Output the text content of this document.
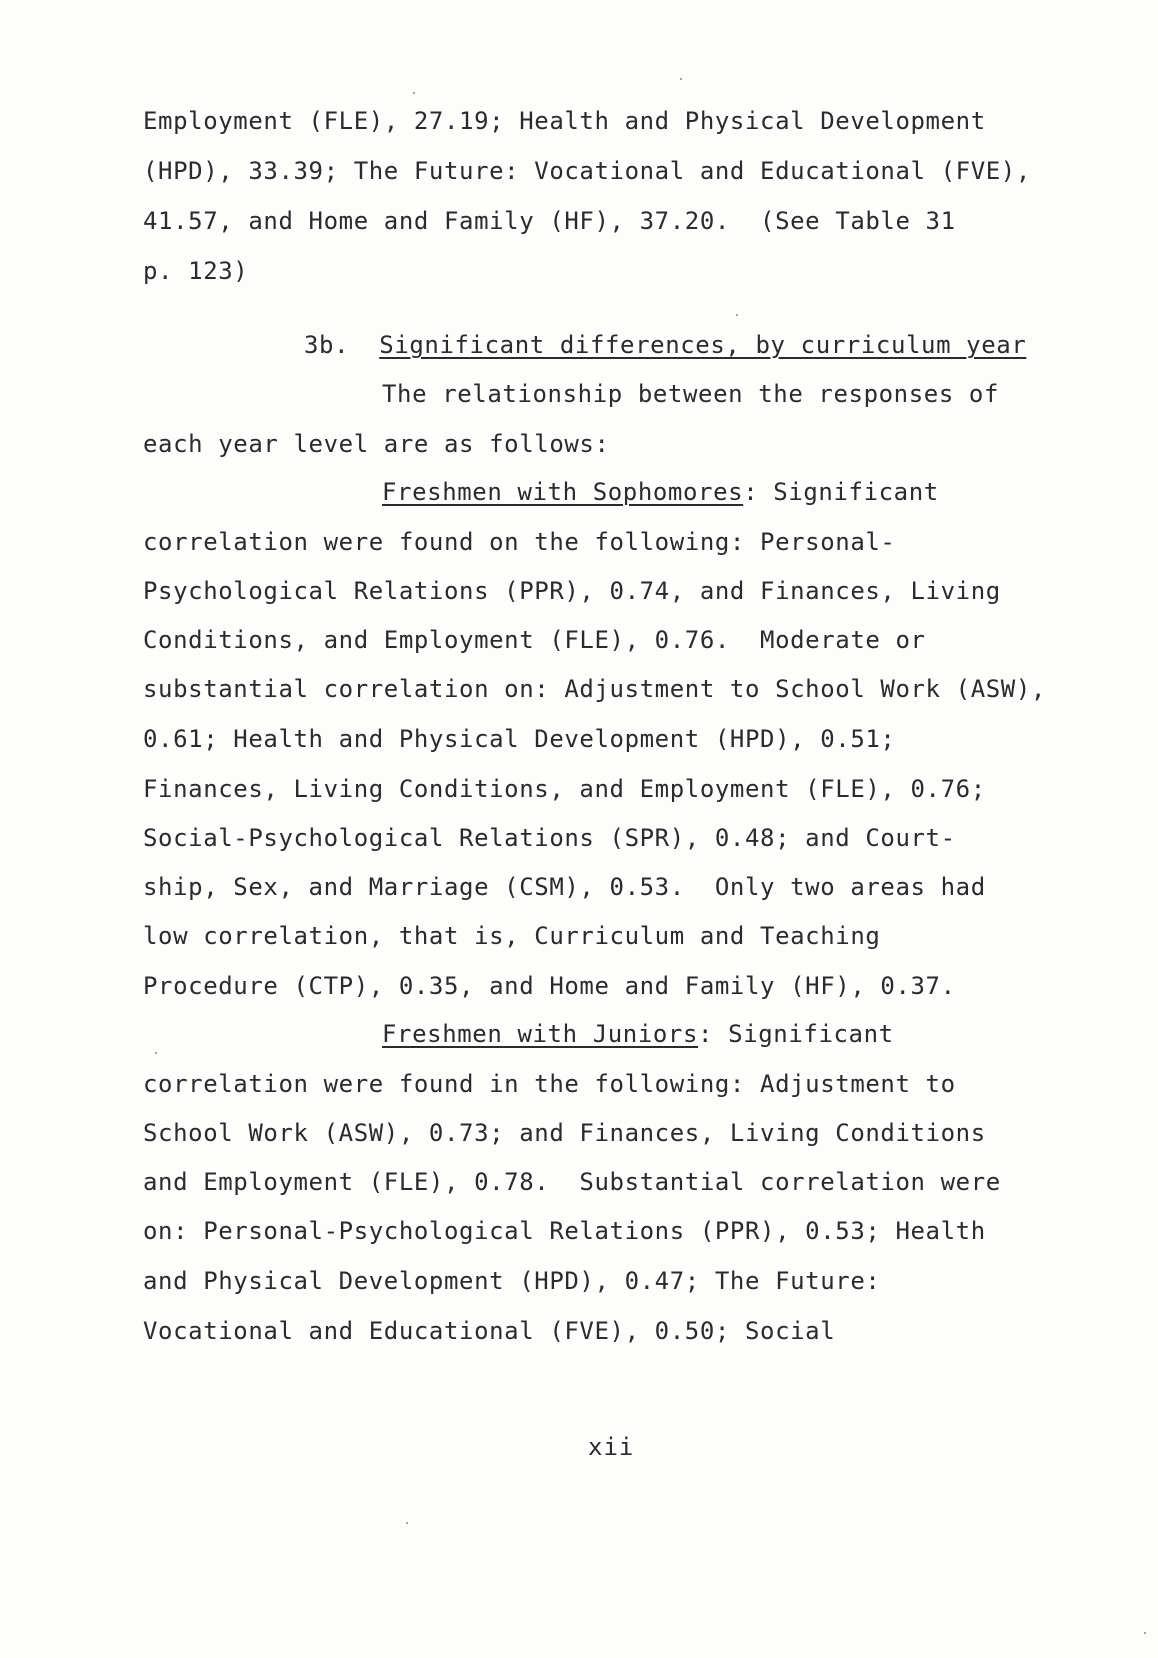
Employment (FLE), 27.19; Health and Physical Development
(HPD), 33.39; The Future: Vocational and Educational (FVE),
41.57, and Home and Family (HF), 37.20.  (See Table 31
p. 123)
3b. Significant differences, by curriculum year
The relationship between the responses of
each year level are as follows:
Freshmen with Sophomores: Significant
correlation were found on the following: Personal-
Psychological Relations (PPR), 0.74, and Finances, Living
Conditions, and Employment (FLE), 0.76.  Moderate or
substantial correlation on: Adjustment to School Work (ASW),
0.61; Health and Physical Development (HPD), 0.51;
Finances, Living Conditions, and Employment (FLE), 0.76;
Social-Psychological Relations (SPR), 0.48; and Court-
ship, Sex, and Marriage (CSM), 0.53.  Only two areas had
low correlation, that is, Curriculum and Teaching
Procedure (CTP), 0.35, and Home and Family (HF), 0.37.
Freshmen with Juniors: Significant
correlation were found in the following: Adjustment to
School Work (ASW), 0.73; and Finances, Living Conditions
and Employment (FLE), 0.78.  Substantial correlation were
on: Personal-Psychological Relations (PPR), 0.53; Health
and Physical Development (HPD), 0.47; The Future:
Vocational and Educational (FVE), 0.50; Social
xii
